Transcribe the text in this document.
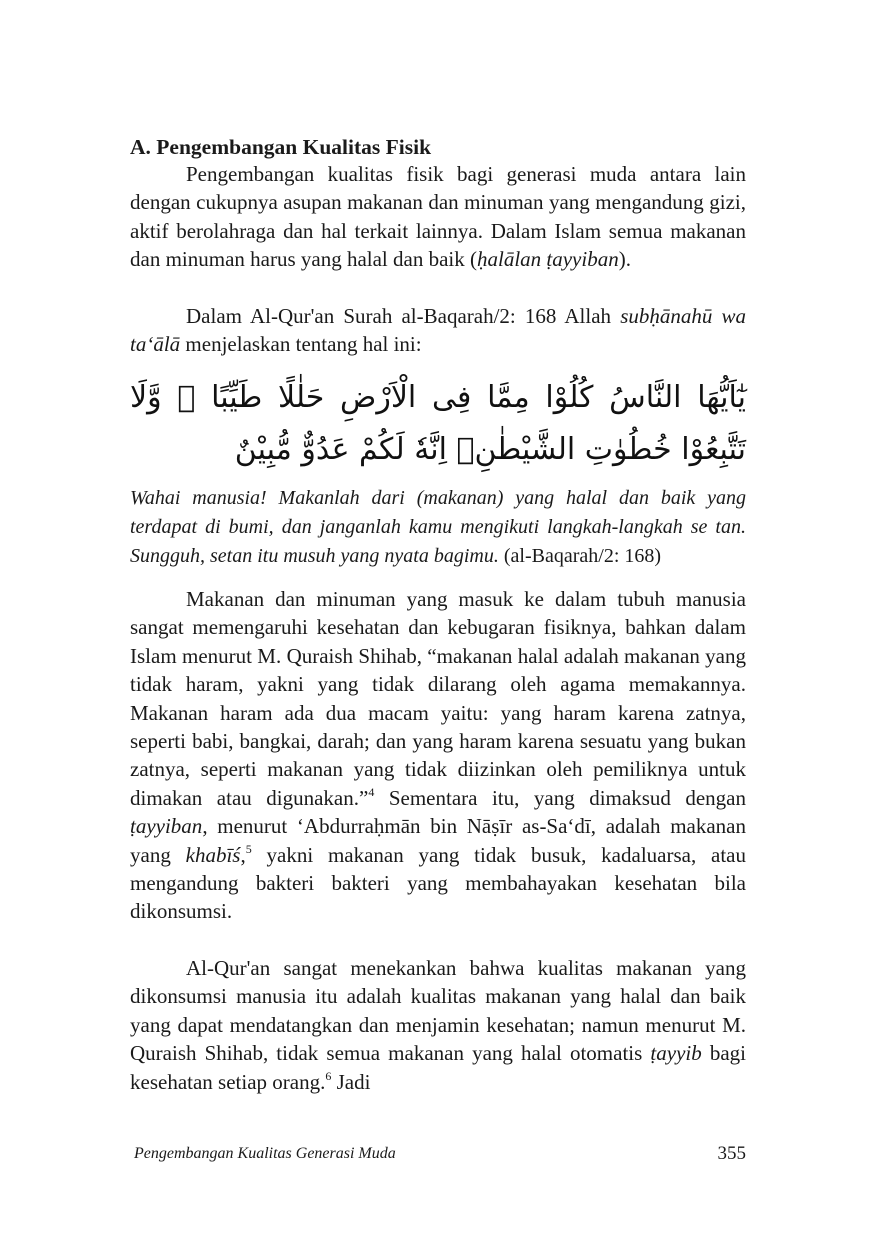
A. Pengembangan Kualitas Fisik

Pengembangan kualitas fisik bagi generasi muda antara lain dengan cukupnya asupan makanan dan minuman yang mengandung gizi, aktif berolahraga dan hal terkait lainnya. Dalam Islam semua makanan dan minuman harus yang halal dan baik (ḥalālan ṭayyiban).

Dalam Al-Qur'an Surah al-Baqarah/2: 168 Allah subḥānahū wa ta‘ālā menjelaskan tentang hal ini:

يٰٓاَيُّهَا النَّاسُ كُلُوْا مِمَّا فِى الْاَرْضِ حَلٰلًا طَيِّبًا ۖ وَّلَا تَتَّبِعُوْا خُطُوٰتِ الشَّيْطٰنِۗ اِنَّهٗ لَكُمْ عَدُوٌّ مُّبِيْنٌ

Wahai manusia! Makanlah dari (makanan) yang halal dan baik yang terdapat di bumi, dan janganlah kamu mengikuti langkah-langkah se tan. Sungguh, setan itu musuh yang nyata bagimu. (al-Baqarah/2: 168)

Makanan dan minuman yang masuk ke dalam tubuh manusia sangat memengaruhi kesehatan dan kebugaran fisiknya, bahkan dalam Islam menurut M. Quraish Shihab, “makanan halal adalah makanan yang tidak haram, yakni yang tidak dilarang oleh agama memakannya. Makanan haram ada dua macam yaitu: yang haram karena zatnya, seperti babi, bangkai, darah; dan yang haram karena sesuatu yang bukan zatnya, seperti makanan yang tidak diizinkan oleh pemiliknya untuk dimakan atau digunakan.”$^4$ Sementara itu, yang dimaksud dengan ṭayyiban, menurut ‘Abdurraḥmān bin Nāṣīr as-Sa‘dī, adalah makanan yang khabīś,$^5$ yakni makanan yang tidak busuk, kadaluarsa, atau mengandung bakteri bakteri yang membahayakan kesehatan bila dikonsumsi.

Al-Qur'an sangat menekankan bahwa kualitas makanan yang dikonsumsi manusia itu adalah kualitas makanan yang halal dan baik yang dapat mendatangkan dan menjamin kesehatan; namun menurut M. Quraish Shihab, tidak semua makanan yang halal otomatis ṭayyib bagi kesehatan setiap orang.$^6$ Jadi

Pengembangan Kualitas Generasi Muda	355
